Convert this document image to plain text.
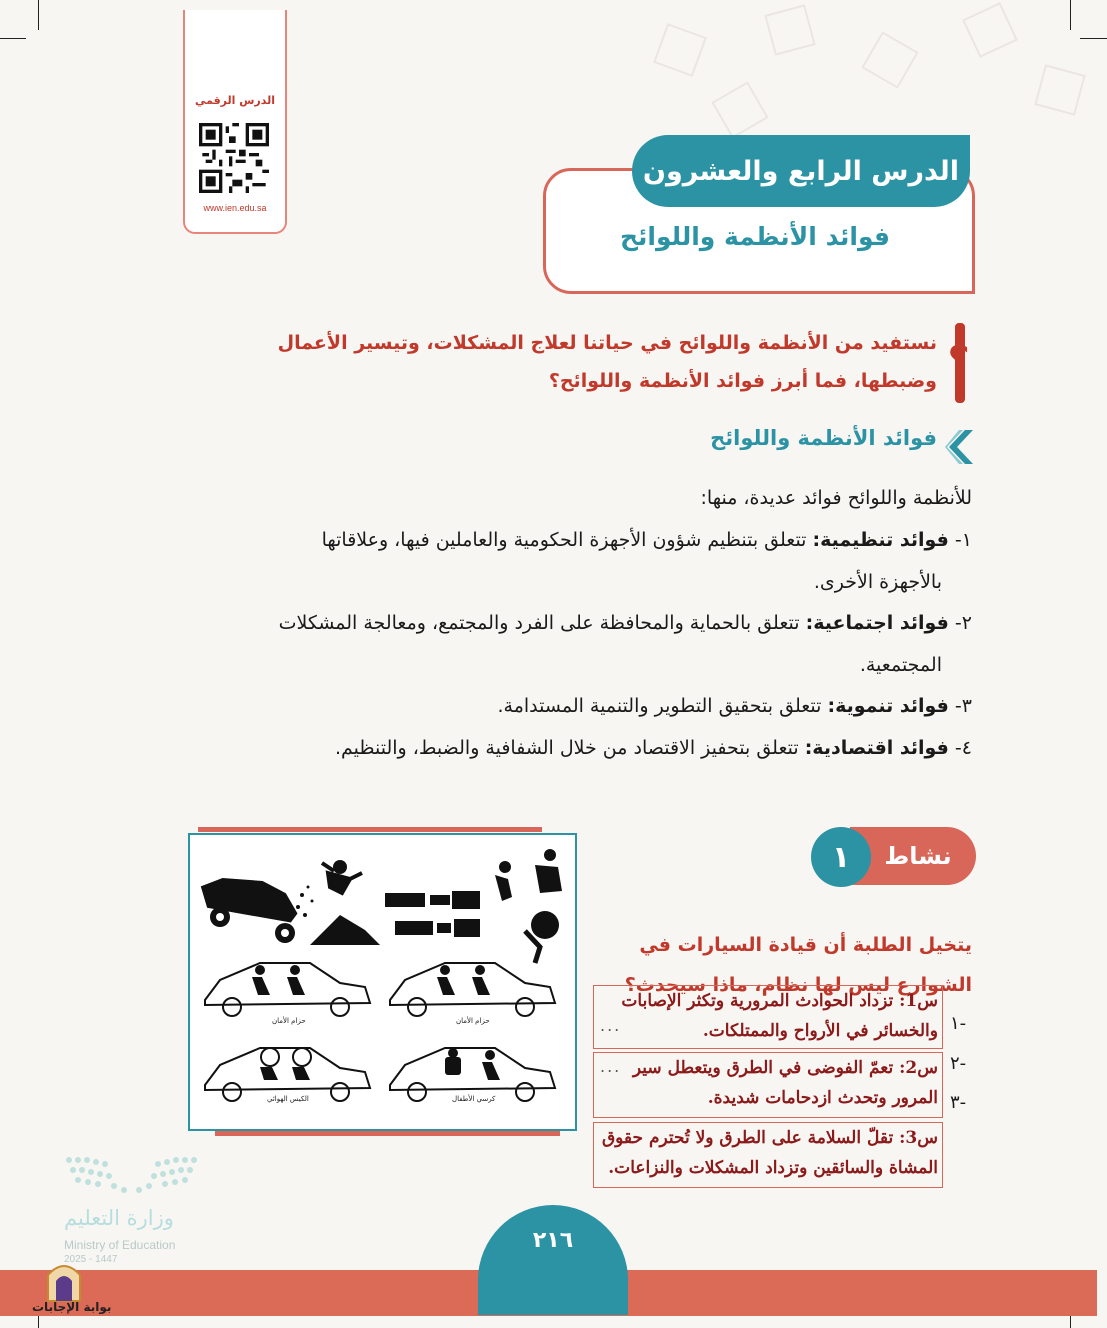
الدرس الرقمي
www.ien.edu.sa
الدرس الرابع والعشرون
فوائد الأنظمة واللوائح
؟
نستفيد من الأنظمة واللوائح في حياتنا لعلاج المشكلات، وتيسير الأعمال
وضبطها، فما أبرز فوائد الأنظمة واللوائح؟
فوائد الأنظمة واللوائح
للأنظمة واللوائح فوائد عديدة، منها:
١- فوائد تنظيمية: تتعلق بتنظيم شؤون الأجهزة الحكومية والعاملين فيها، وعلاقاتها
بالأجهزة الأخرى.
٢- فوائد اجتماعية: تتعلق بالحماية والمحافظة على الفرد والمجتمع، ومعالجة المشكلات
المجتمعية.
٣- فوائد تنموية: تتعلق بتحقيق التطوير والتنمية المستدامة.
٤- فوائد اقتصادية: تتعلق بتحفيز الاقتصاد من خلال الشفافية والضبط، والتنظيم.
نشاط
١
يتخيل الطلبة أن قيادة السيارات في
الشوارع ليس لها نظام، ماذا سيحدث؟
١-
٢-
٣-
س1: تزداد الحوادث المرورية وتكثر الإصابات
والخسائر في الأرواح والممتلكات.
...
س2: تعمّ الفوضى في الطرق ويتعطل سير
المرور وتحدث ازدحامات شديدة.
...
س3: تقلّ السلامة على الطرق ولا تُحترم حقوق
المشاة والسائقين وتزداد المشكلات والنزاعات.
حزام الأمان	حزام الأمان
الكيس الهوائي	كرسي الأطفال
وزارة التعليم
Ministry of Education
2025 - 1447
٢١٦
بوابة الإجابات
